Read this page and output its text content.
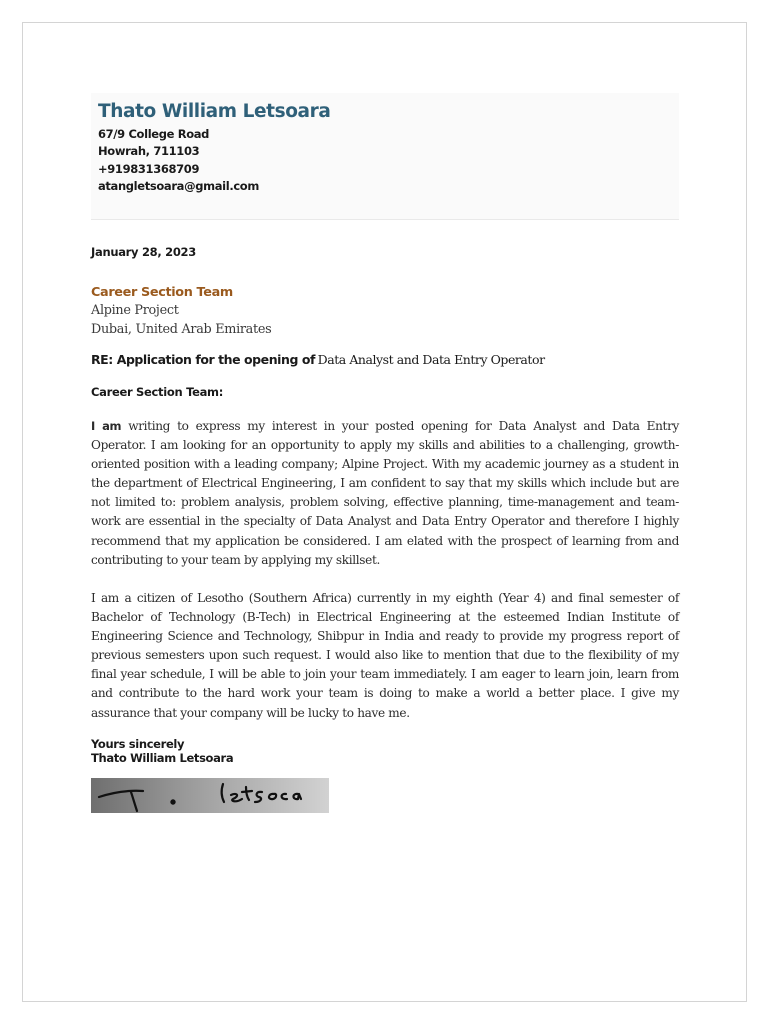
Thato William Letsoara
67/9 College Road
Howrah, 711103
+919831368709
atangletsoara@gmail.com
January 28, 2023
Career Section Team
Alpine Project
Dubai, United Arab Emirates
RE: Application for the opening of Data Analyst and Data Entry Operator
Career Section Team:
I am writing to express my interest in your posted opening for Data Analyst and Data Entry Operator. I am looking for an opportunity to apply my skills and abilities to a challenging, growth-oriented position with a leading company; Alpine Project. With my academic journey as a student in the department of Electrical Engineering, I am confident to say that my skills which include but are not limited to: problem analysis, problem solving, effective planning, time-management and team-work are essential in the specialty of Data Analyst and Data Entry Operator and therefore I highly recommend that my application be considered. I am elated with the prospect of learning from and contributing to your team by applying my skillset.
I am a citizen of Lesotho (Southern Africa) currently in my eighth (Year 4) and final semester of Bachelor of Technology (B-Tech) in Electrical Engineering at the esteemed Indian Institute of Engineering Science and Technology, Shibpur in India and ready to provide my progress report of previous semesters upon such request. I would also like to mention that due to the flexibility of my final year schedule, I will be able to join your team immediately. I am eager to learn join, learn from and contribute to the hard work your team is doing to make a world a better place. I give my assurance that your company will be lucky to have me.
Yours sincerely
Thato William Letsoara
